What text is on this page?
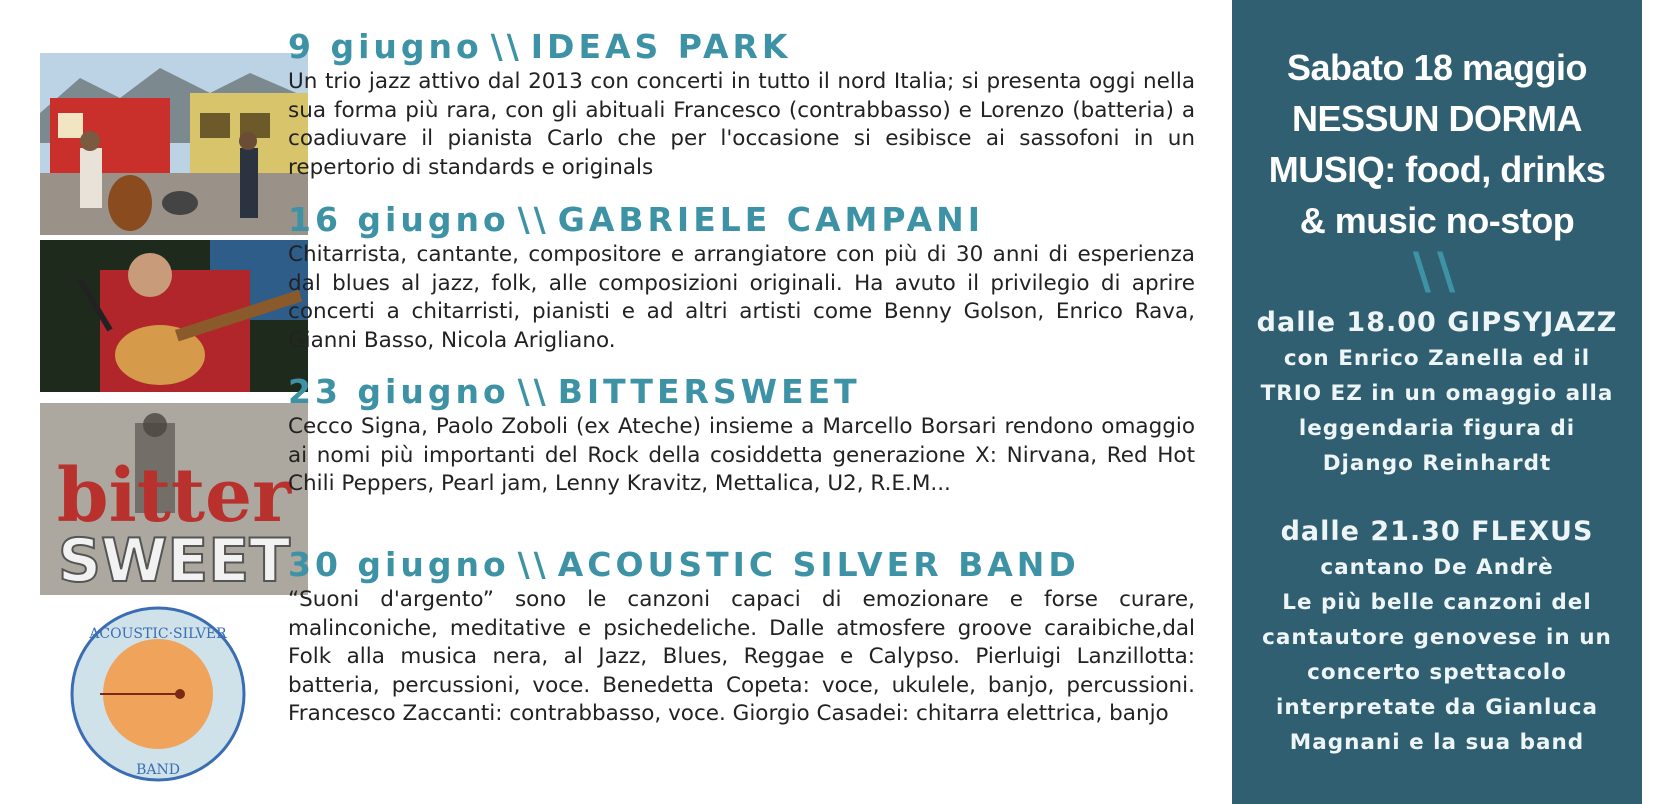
bitter
SWEET
ACOUSTIC·SILVER
BAND
9 giugno \\ IDEAS PARK
Un trio jazz attivo dal 2013 con concerti in tutto il nord Italia; si presenta oggi nella sua forma più rara, con gli abituali Francesco (contrabbasso) e Lorenzo (batteria) a coadiuvare il pianista Carlo che per l'occasione si esibisce ai sassofoni in un repertorio di standards e originals
16 giugno \\ GABRIELE CAMPANI
Chitarrista, cantante, compositore e arrangiatore con più di 30 anni di esperienza dal blues al jazz, folk, alle composizioni originali. Ha avuto il privilegio di aprire concerti a chitarristi, pianisti e ad altri artisti come Benny Golson, Enrico Rava, Gianni Basso, Nicola Arigliano.
23 giugno \\ BITTERSWEET
Cecco Signa, Paolo Zoboli (ex Ateche) insieme a Marcello Borsari rendono omaggio ai nomi più importanti del Rock della cosiddetta generazione X: Nirvana, Red Hot Chili Peppers, Pearl jam, Lenny Kravitz, Mettalica, U2, R.E.M...
30 giugno \\ ACOUSTIC SILVER BAND
“Suoni d'argento” sono le canzoni capaci di emozionare e forse curare, malinconiche, meditative e psichedeliche. Dalle atmosfere groove caraibiche,dal Folk alla musica nera, al Jazz, Blues, Reggae e Calypso. Pierluigi Lanzillotta: batteria, percussioni, voce. Benedetta Copeta: voce, ukulele, banjo, percussioni. Francesco Zaccanti: contrabbasso, voce. Giorgio Casadei: chitarra elettrica, banjo
Sabato 18 maggio
NESSUN DORMA
MUSIQ: food, drinks
& music no-stop
\\
dalle 18.00 GIPSYJAZZ
con Enrico Zanella ed il
TRIO EZ in un omaggio alla
leggendaria figura di
Django Reinhardt
dalle 21.30 FLEXUS
cantano De Andrè
Le più belle canzoni del
cantautore genovese in un
concerto spettacolo
interpretate da Gianluca
Magnani e la sua band
